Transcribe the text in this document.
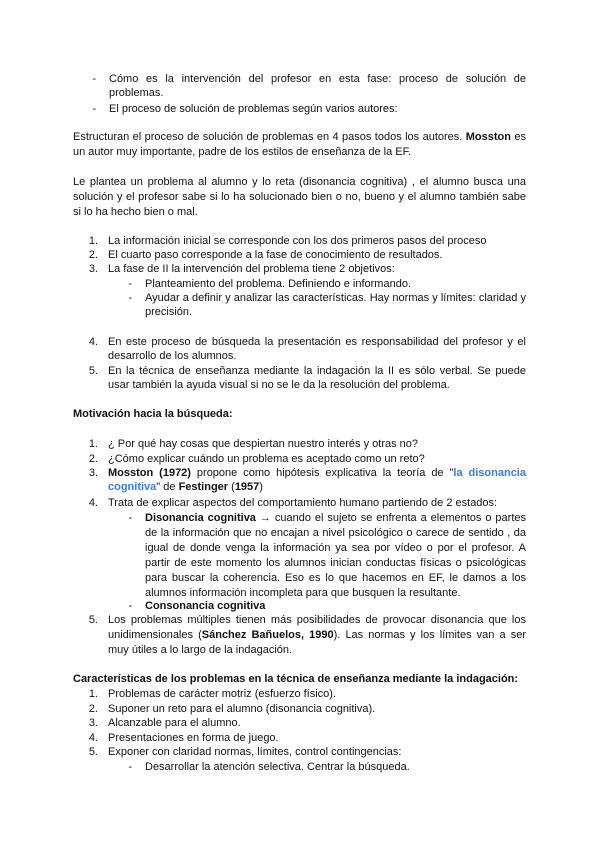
- Cómo es la intervención del profesor en esta fase: proceso de solución de problemas.
- El proceso de solución de problemas según varios autores:
Estructuran el proceso de solución de problemas en 4 pasos todos los autores. Mosston es un autor muy importante, padre de los estilos de enseñanza de la EF.
Le plantea un problema al alumno y lo reta (disonancia cognitiva) , el alumno busca una solución y el profesor sabe si lo ha solucionado bien o no, bueno y el alumno también sabe si lo ha hecho bien o mal.
1. La información inicial se corresponde con los dos primeros pasos del proceso
2. El cuarto paso corresponde a la fase de conocimiento de resultados.
3. La fase de II la intervención del problema tiene 2 objetivos:
- Planteamiento del problema. Definiendo e informando.
- Ayudar a definir y analizar las características. Hay normas y límites: claridad y precisión.
4. En este proceso de búsqueda la presentación es responsabilidad del profesor y el desarrollo de los alumnos.
5. En la técnica de enseñanza mediante la indagación la II es sólo verbal. Se puede usar también la ayuda visual si no se le da la resolución del problema.
Motivación hacia la búsqueda:
1. ¿ Por qué hay cosas que despiertan nuestro interés y otras no?
2. ¿Cómo explicar cuándo un problema es aceptado como un reto?
3. Mosston (1972) propone como hipótesis explicativa la teoría de "la disonancia cognitiva" de Festinger (1957)
4. Trata de explicar aspectos del comportamiento humano partiendo de 2 estados:
- Disonancia cognitiva → cuando el sujeto se enfrenta a elementos o partes de la información que no encajan a nivel psicológico o carece de sentido , da igual de donde venga la información ya sea por vídeo o por el profesor. A partir de este momento los alumnos inician conductas físicas o psicológicas para buscar la coherencia. Eso es lo que hacemos en EF, le damos a los alumnos información incompleta para que busquen la resultante.
- Consonancia cognitiva
5. Los problemas múltiples tienen más posibilidades de provocar disonancia que los unidimensionales (Sánchez Bañuelos, 1990). Las normas y los límites van a ser muy útiles a lo largo de la indagación.
Características de los problemas en la técnica de enseñanza mediante la indagación:
1. Problemas de carácter motriz (esfuerzo físico).
2. Suponer un reto para el alumno (disonancia cognitiva).
3. Alcanzable para el alumno.
4. Presentaciones en forma de juego.
5. Exponer con claridad normas, límites, control contingencias:
- Desarrollar la atención selectiva. Centrar la búsqueda.
